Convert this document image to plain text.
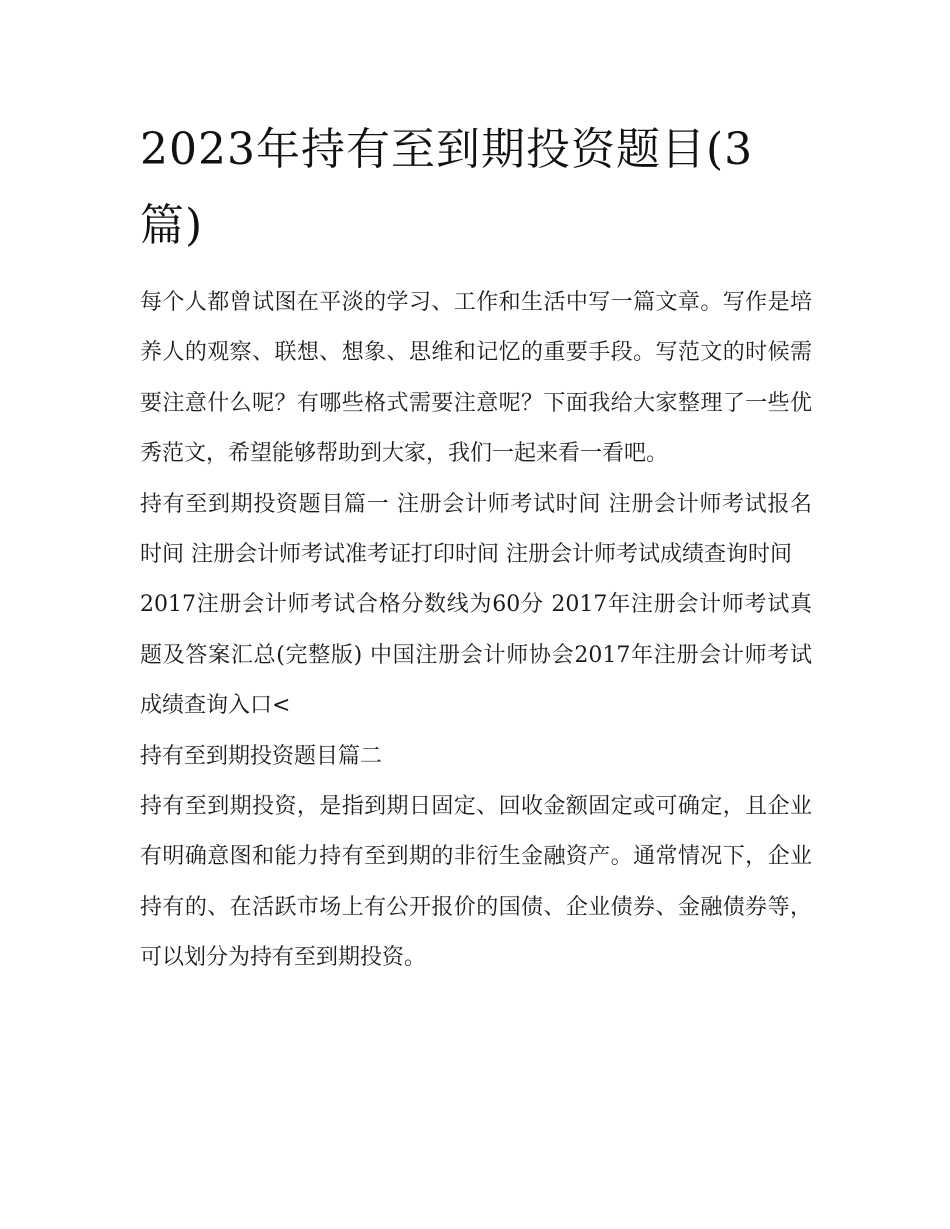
2023年持有至到期投资题目(3篇)

每个人都曾试图在平淡的学习、工作和生活中写一篇文章。写作是培养人的观察、联想、想象、思维和记忆的重要手段。写范文的时候需要注意什么呢？有哪些格式需要注意呢？下面我给大家整理了一些优秀范文，希望能够帮助到大家，我们一起来看一看吧。

持有至到期投资题目篇一 注册会计师考试时间 注册会计师考试报名时间 注册会计师考试准考证打印时间 注册会计师考试成绩查询时间

2017注册会计师考试合格分数线为60分 2017年注册会计师考试真题及答案汇总(完整版) 中国注册会计师协会2017年注册会计师考试成绩查询入口<

持有至到期投资题目篇二

持有至到期投资，是指到期日固定、回收金额固定或可确定，且企业有明确意图和能力持有至到期的非衍生金融资产。通常情况下，企业持有的、在活跃市场上有公开报价的国债、企业债券、金融债券等，可以划分为持有至到期投资。
